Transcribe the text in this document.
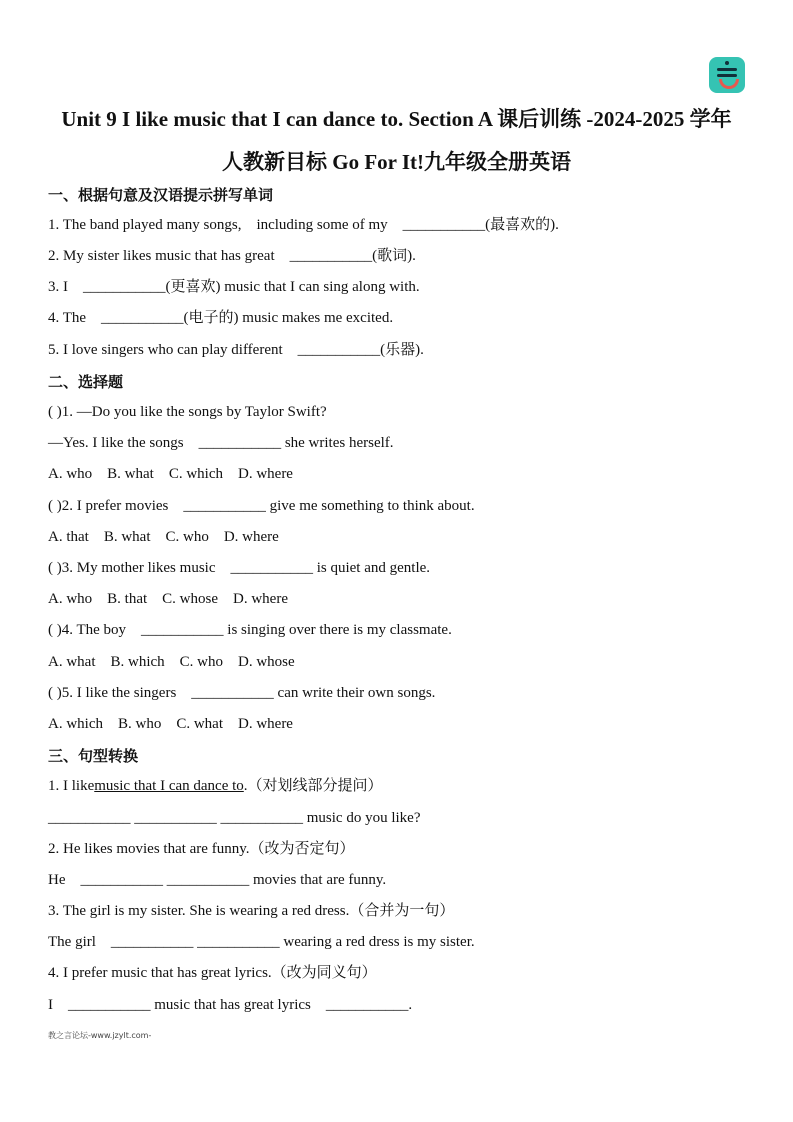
Unit 9 I like music that I can dance to. Section A 课后训练 -2024-2025 学年
人教新目标 Go For It!九年级全册英语
一、根据句意及汉语提示拼写单词
1. The band played many songs,    including some of my    ___________(最喜欢的).
2. My sister likes music that has great    ___________(歌词).
3. I    ___________(更喜欢) music that I can sing along with.
4. The    ___________(电子的) music makes me excited.
5. I love singers who can play different    ___________(乐器).
二、选择题
( )1. —Do you like the songs by Taylor Swift?
—Yes. I like the songs    ___________ she writes herself.
A. who    B. what    C. which    D. where
( )2. I prefer movies    ___________ give me something to think about.
A. that    B. what    C. who    D. where
( )3. My mother likes music    ___________ is quiet and gentle.
A. who    B. that    C. whose    D. where
( )4. The boy    ___________ is singing over there is my classmate.
A. what    B. which    C. who    D. whose
( )5. I like the singers    ___________ can write their own songs.
A. which    B. who    C. what    D. where
三、句型转换
1. I likemusic that I can dance to.（对划线部分提问）
___________ ___________ ___________ music do you like?
2. He likes movies that are funny.（改为否定句）
He    ___________ ___________ movies that are funny.
3. The girl is my sister. She is wearing a red dress.（合并为一句）
The girl    ___________ ___________ wearing a red dress is my sister.
4. I prefer music that has great lyrics.（改为同义句）
I    ___________ music that has great lyrics    ___________.
教之言论坛-www.jzylt.com-
